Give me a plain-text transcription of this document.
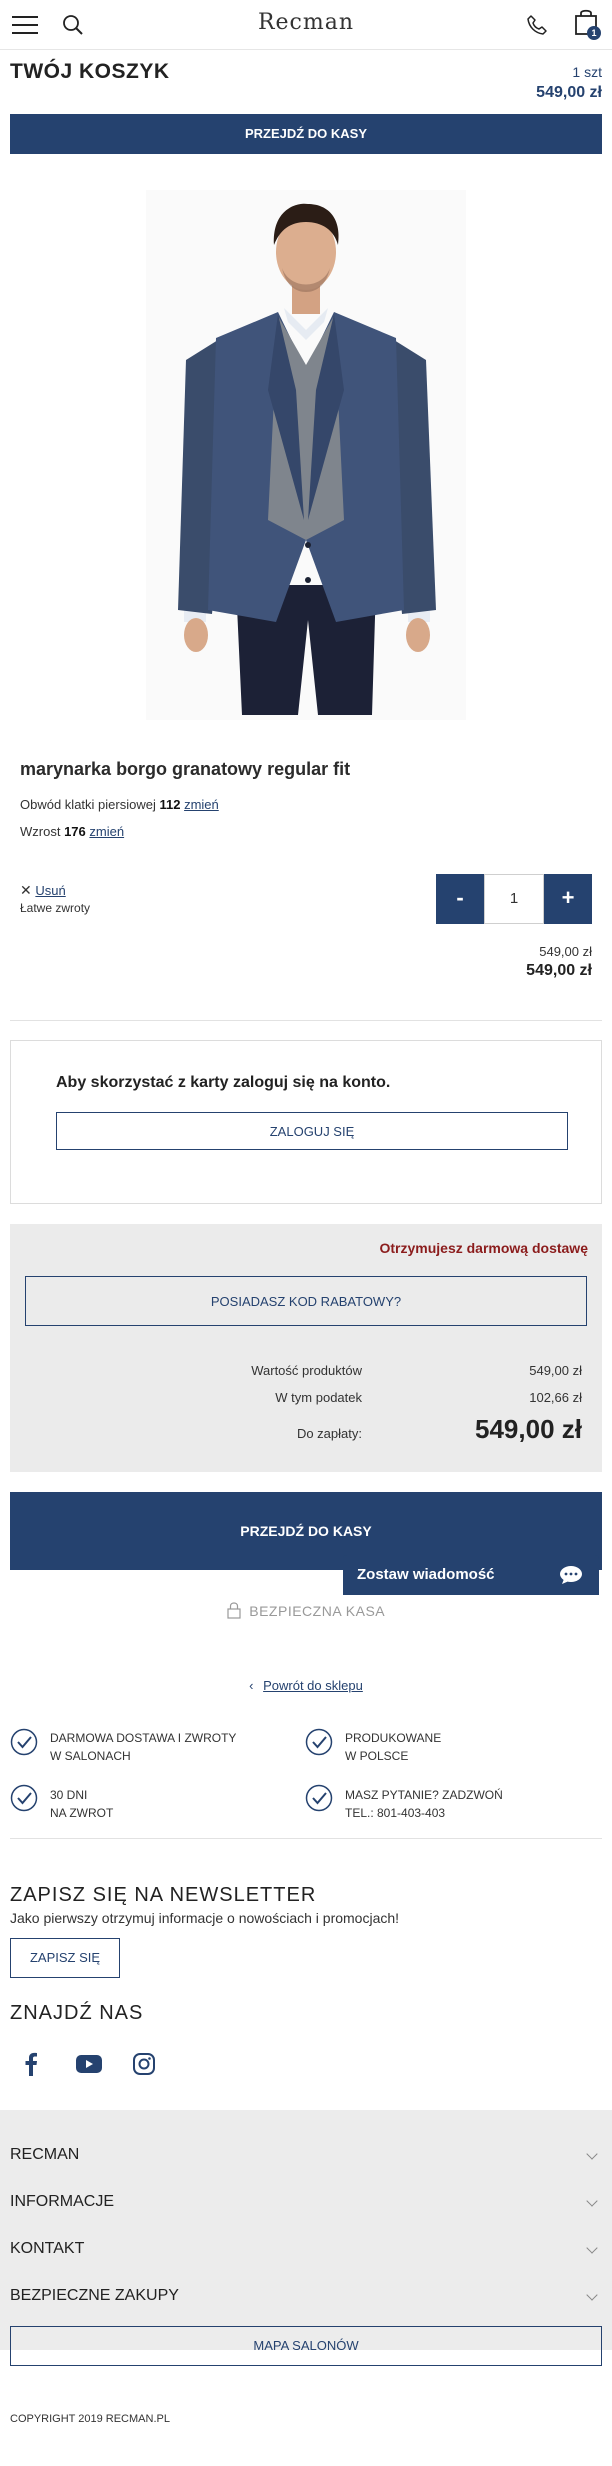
Recman	1
TWÓJ KOSZYK	1 szt
549,00 zł
PRZEJDŹ DO KASY
marynarka borgo granatowy regular fit
Obwód klatki piersiowej 112 zmień
Wzrost 176 zmień
✕ Usuń
Łatwe zwroty	-	1	+
549,00 zł
549,00 zł
Aby skorzystać z karty zaloguj się na konto.
ZALOGUJ SIĘ
Otrzymujesz darmową dostawę
POSIADASZ KOD RABATOWY?
Wartość produktów	549,00 zł
W tym podatek	102,66 zł
Do zapłaty:	549,00 zł
PRZEJDŹ DO KASY
Zostaw wiadomość
BEZPIECZNA KASA
‹ Powrót do sklepu
DARMOWA DOSTAWA I ZWROTY
W SALONACH
PRODUKOWANE
W POLSCE
30 DNI
NA ZWROT
MASZ PYTANIE? ZADZWOŃ
TEL.: 801-403-403
ZAPISZ SIĘ NA NEWSLETTER
Jako pierwszy otrzymuj informacje o nowościach i promocjach!
ZAPISZ SIĘ
ZNAJDŹ NAS
RECMAN
INFORMACJE
KONTAKT
BEZPIECZNE ZAKUPY
MAPA SALONÓW
COPYRIGHT 2019 RECMAN.PL
